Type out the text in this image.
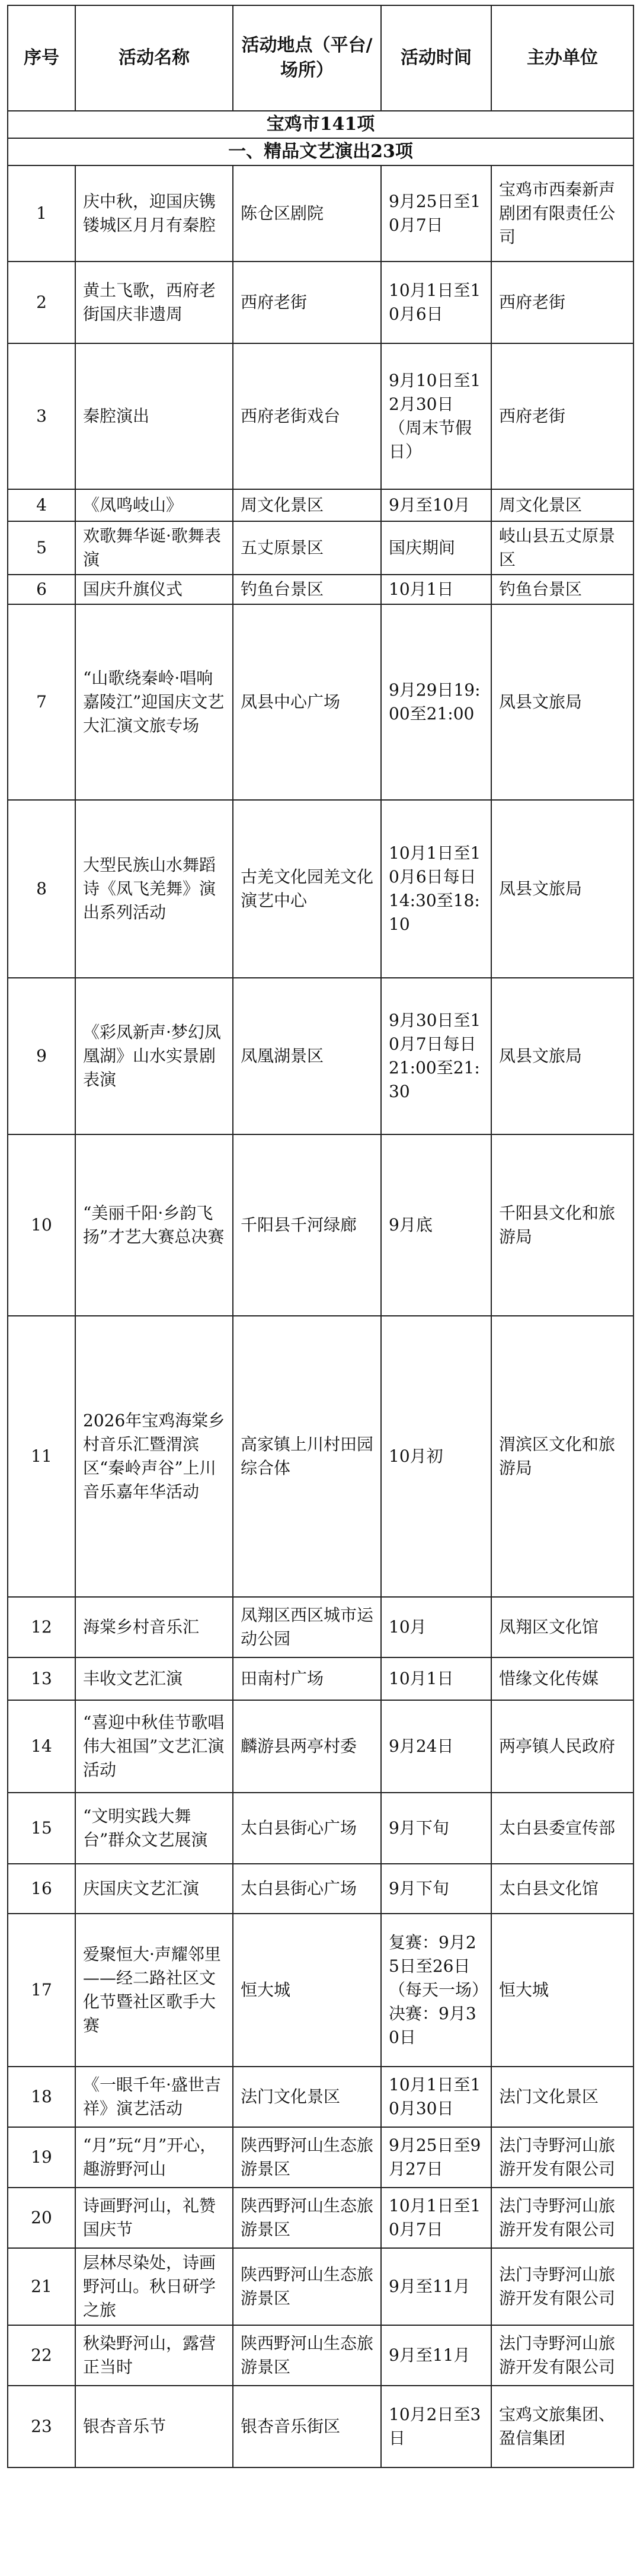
序号	活动名称	活动地点（平台/场所）	活动时间	主办单位
宝鸡市141项				
一、精品文艺演出23项				
1	庆中秋，迎国庆镌镂城区月月有秦腔	陈仓区剧院	9月25日至10月7日	宝鸡市西秦新声剧团有限责任公司
2	黄土飞歌，西府老街国庆非遗周	西府老街	10月1日至10月6日	西府老街
3	秦腔演出	西府老街戏台	9月10日至12月30日（周末节假日）	西府老街
4	《凤鸣岐山》	周文化景区	9月至10月	周文化景区
5	欢歌舞华诞·歌舞表演	五丈原景区	国庆期间	岐山县五丈原景区
6	国庆升旗仪式	钓鱼台景区	10月1日	钓鱼台景区
7	“山歌绕秦岭·唱响嘉陵江”迎国庆文艺大汇演文旅专场	凤县中心广场	9月29日19:00至21:00	凤县文旅局
8	大型民族山水舞蹈诗《凤飞羌舞》演出系列活动	古羌文化园羌文化演艺中心	10月1日至10月6日每日14:30至18:10	凤县文旅局
9	《彩凤新声·梦幻凤凰湖》山水实景剧表演	凤凰湖景区	9月30日至10月7日每日21:00至21:30	凤县文旅局
10	“美丽千阳·乡韵飞扬”才艺大赛总决赛	千阳县千河绿廊	9月底	千阳县文化和旅游局
11	2026年宝鸡海棠乡村音乐汇暨渭滨区“秦岭声谷”上川音乐嘉年华活动	高家镇上川村田园综合体	10月初	渭滨区文化和旅游局
12	海棠乡村音乐汇	凤翔区西区城市运动公园	10月	凤翔区文化馆
13	丰收文艺汇演	田南村广场	10月1日	惜缘文化传媒
14	“喜迎中秋佳节歌唱伟大祖国”文艺汇演活动	麟游县两亭村委	9月24日	两亭镇人民政府
15	“文明实践大舞台”群众文艺展演	太白县街心广场	9月下旬	太白县委宣传部
16	庆国庆文艺汇演	太白县街心广场	9月下旬	太白县文化馆
17	爱聚恒大·声耀邻里——经二路社区文化节暨社区歌手大赛	恒大城	复赛：9月25日至26日（每天一场）决赛：9月30日	恒大城
18	《一眼千年·盛世吉祥》演艺活动	法门文化景区	10月1日至10月30日	法门文化景区
19	“月”玩“月”开心，趣游野河山	陕西野河山生态旅游景区	9月25日至9月27日	法门寺野河山旅游开发有限公司
20	诗画野河山，礼赞国庆节	陕西野河山生态旅游景区	10月1日至10月7日	法门寺野河山旅游开发有限公司
21	层林尽染处，诗画野河山。秋日研学之旅	陕西野河山生态旅游景区	9月至11月	法门寺野河山旅游开发有限公司
22	秋染野河山，露营正当时	陕西野河山生态旅游景区	9月至11月	法门寺野河山旅游开发有限公司
23	银杏音乐节	银杏音乐街区	10月2日至3日	宝鸡文旅集团、盈信集团
